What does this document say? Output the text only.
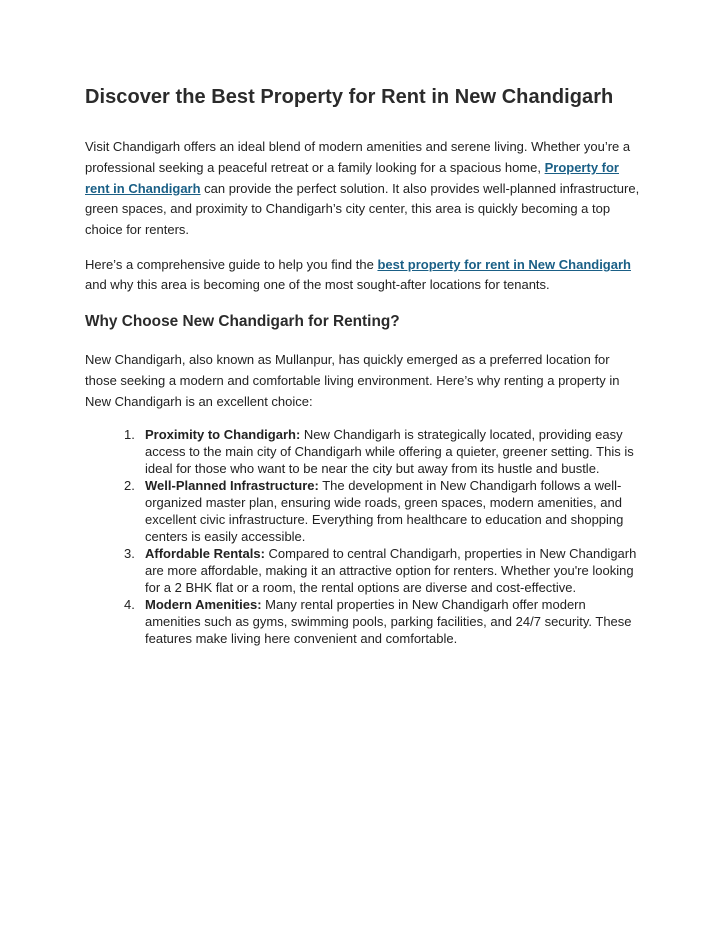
Discover the Best Property for Rent in New Chandigarh

Visit Chandigarh offers an ideal blend of modern amenities and serene living. Whether you’re a professional seeking a peaceful retreat or a family looking for a spacious home, Property for rent in Chandigarh can provide the perfect solution. It also provides well-planned infrastructure, green spaces, and proximity to Chandigarh’s city center, this area is quickly becoming a top choice for renters.

Here’s a comprehensive guide to help you find the best property for rent in New Chandigarh and why this area is becoming one of the most sought-after locations for tenants.

Why Choose New Chandigarh for Renting?

New Chandigarh, also known as Mullanpur, has quickly emerged as a preferred location for those seeking a modern and comfortable living environment. Here’s why renting a property in New Chandigarh is an excellent choice:

1. Proximity to Chandigarh: New Chandigarh is strategically located, providing easy access to the main city of Chandigarh while offering a quieter, greener setting. This is ideal for those who want to be near the city but away from its hustle and bustle.
2. Well-Planned Infrastructure: The development in New Chandigarh follows a well-organized master plan, ensuring wide roads, green spaces, modern amenities, and excellent civic infrastructure. Everything from healthcare to education and shopping centers is easily accessible.
3. Affordable Rentals: Compared to central Chandigarh, properties in New Chandigarh are more affordable, making it an attractive option for renters. Whether you're looking for a 2 BHK flat or a room, the rental options are diverse and cost-effective.
4. Modern Amenities: Many rental properties in New Chandigarh offer modern amenities such as gyms, swimming pools, parking facilities, and 24/7 security. These features make living here convenient and comfortable.
